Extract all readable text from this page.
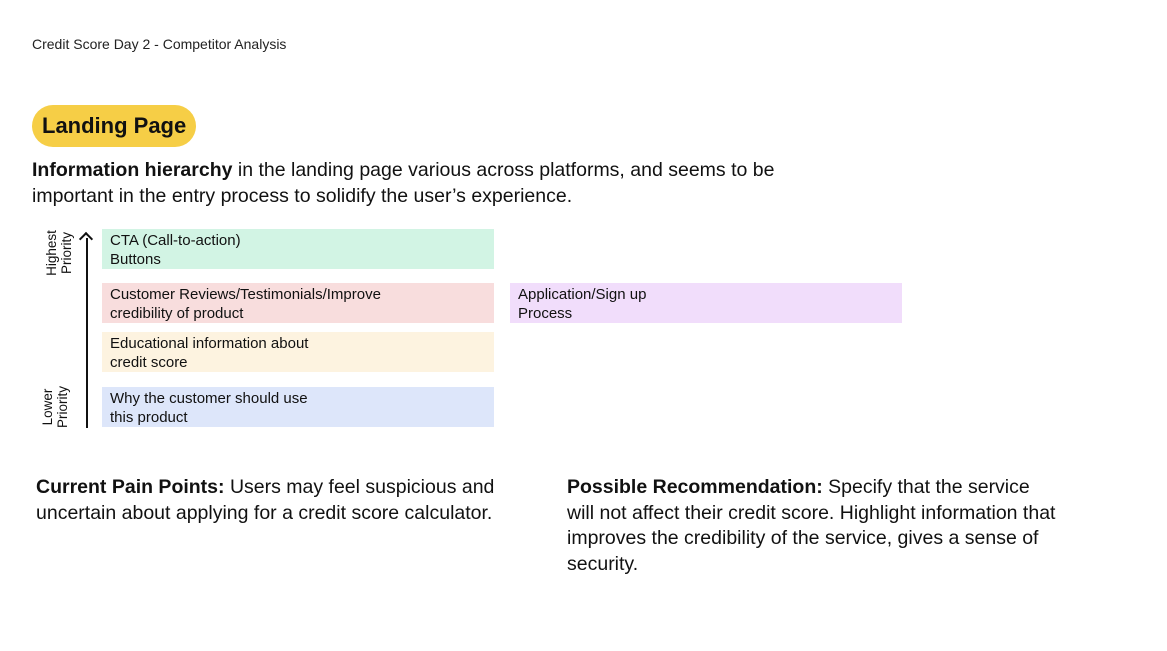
Credit Score Day 2 - Competitor Analysis
Landing Page
Information hierarchy in the landing page various across platforms, and seems to be important in the entry process to solidify the user’s experience.
Highest Priority
Lower Priority
CTA (Call-to-action)
Buttons
Customer Reviews/Testimonials/Improve
credibility of product
Application/Sign up
Process
Educational information about
credit score
Why the customer should use
this product
Current Pain Points: Users may feel suspicious and uncertain about applying for a credit score calculator.
Possible Recommendation: Specify that the service will not affect their credit score. Highlight information that improves the credibility of the service, gives a sense of security.
